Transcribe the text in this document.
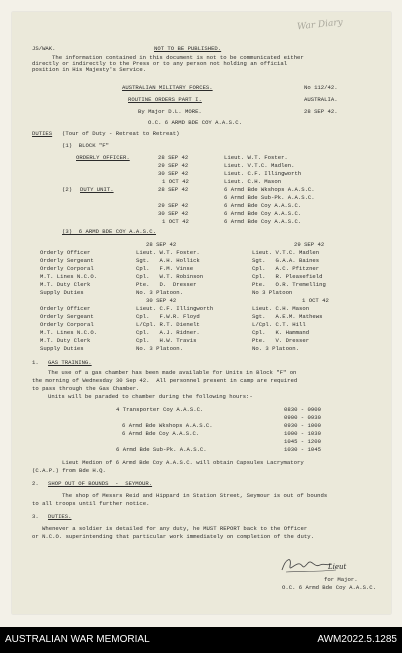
War Diary
JS/WAK.	NOT TO BE PUBLISHED.
The information contained in this document is not to be communicated either
directly or indirectly to the Press or to any person not holding an official
position in His Majesty's Service.
AUSTRALIAN MILITARY FORCES.	No 112/42.
ROUTINE ORDERS PART I.	AUSTRALIA.
By Major D.L. MORE.	28 SEP 42.
O.C. 6 ARMD BDE COY A.A.S.C.
DUTIES (Tour of Duty - Retreat to Retreat)
(1)  BLOCK "F"
ORDERLY OFFICER.	28 SEP 42	Lieut. W.T. Foster.
29 SEP 42	Lieut. V.T.C. Madlen.
30 SEP 42	Lieut. C.F. Illingworth
1 OCT 42	Lieut. C.H. Mason
(2) DUTY UNIT.	28 SEP 42	6 Armd Bde Wkshops A.A.S.C.
6 Armd Bde Sub-Pk. A.A.S.C.
29 SEP 42	6 Armd Bde Coy A.A.S.C.
30 SEP 42	6 Armd Bde Coy A.A.S.C.
1 OCT 42	6 Armd Bde Coy A.A.S.C.
(3)  6 ARMD BDE COY A.A.S.C.
28 SEP 42	29 SEP 42
Orderly Officer	Lieut. W.T. Foster.	Lieut. V.T.C. Madlen
Orderly Sergeant	Sgt.   A.H. Hollick	Sgt.   G.A.A. Baines
Orderly Corporal	Cpl.   F.M. Vinse	Cpl.   A.C. Pfitzner
M.T. Lines N.C.O.	Cpl.   W.T. Robinson	Cpl.   R. Pleasefield
M.T. Duty Clerk	Pte.   D.  Dresser	Pte.   O.R. Tremelling
Supply Duties	No. 3 Platoon.	No 3 Platoon
30 SEP 42	1 OCT 42
Orderly Officer	Lieut. C.F. Illingworth	Lieut. C.H. Mason
Orderly Sergeant	Cpl.   F.W.R. Floyd	Sgt.   A.E.M. Mathews
Orderly Corporal	L/Cpl. R.T. Dienelt	L/Cpl. C.T. Hill
M.T. Lines N.C.O.	Cpl.   A.J. Ridner.	Cpl.   K. Hammand
M.T. Duty Clerk	Cpl.   H.W. Travis	Pte.   V. Dresser
Supply Duties	No. 3 Platoon.	No. 3 Platoon.
1. GAS TRAINING.
The use of a gas chamber has been made available for Units in Block "F" on
the morning of Wednesday 30 Sep 42.  All personnel present in camp are required
to pass through the Gas Chamber.
Units will be paraded to chamber during the following hours:-
4 Transporter Coy A.A.S.C.	0830 - 0900
0900 - 0930
6 Armd Bde Wkshops A.A.S.C.	0930 - 1000
6 Armd Bde Coy A.A.S.C.	1000 - 1030
1045 - 1200
6 Armd Bde Sub-Pk. A.A.S.C.	1030 - 1045
Lieut Medion of 6 Armd Bde Coy A.A.S.C. will obtain Capsules Lacrymatory
(C.A.P.) from Bde H.Q.
2. SHOP OUT OF BOUNDS  -  SEYMOUR.
The shop of Messrs Reid and Hippard in Station Street, Seymour is out of bounds
to all troops until further notice.
3. DUTIES.
Whenever a soldier is detailed for any duty, he MUST REPORT back to the Officer
or N.C.O. superintending that particular work immediately on completion of the duty.
Lieut
for Major.
O.C. 6 Armd Bde Coy A.A.S.C.
AUSTRALIAN WAR MEMORIAL	AWM2022.5.1285
